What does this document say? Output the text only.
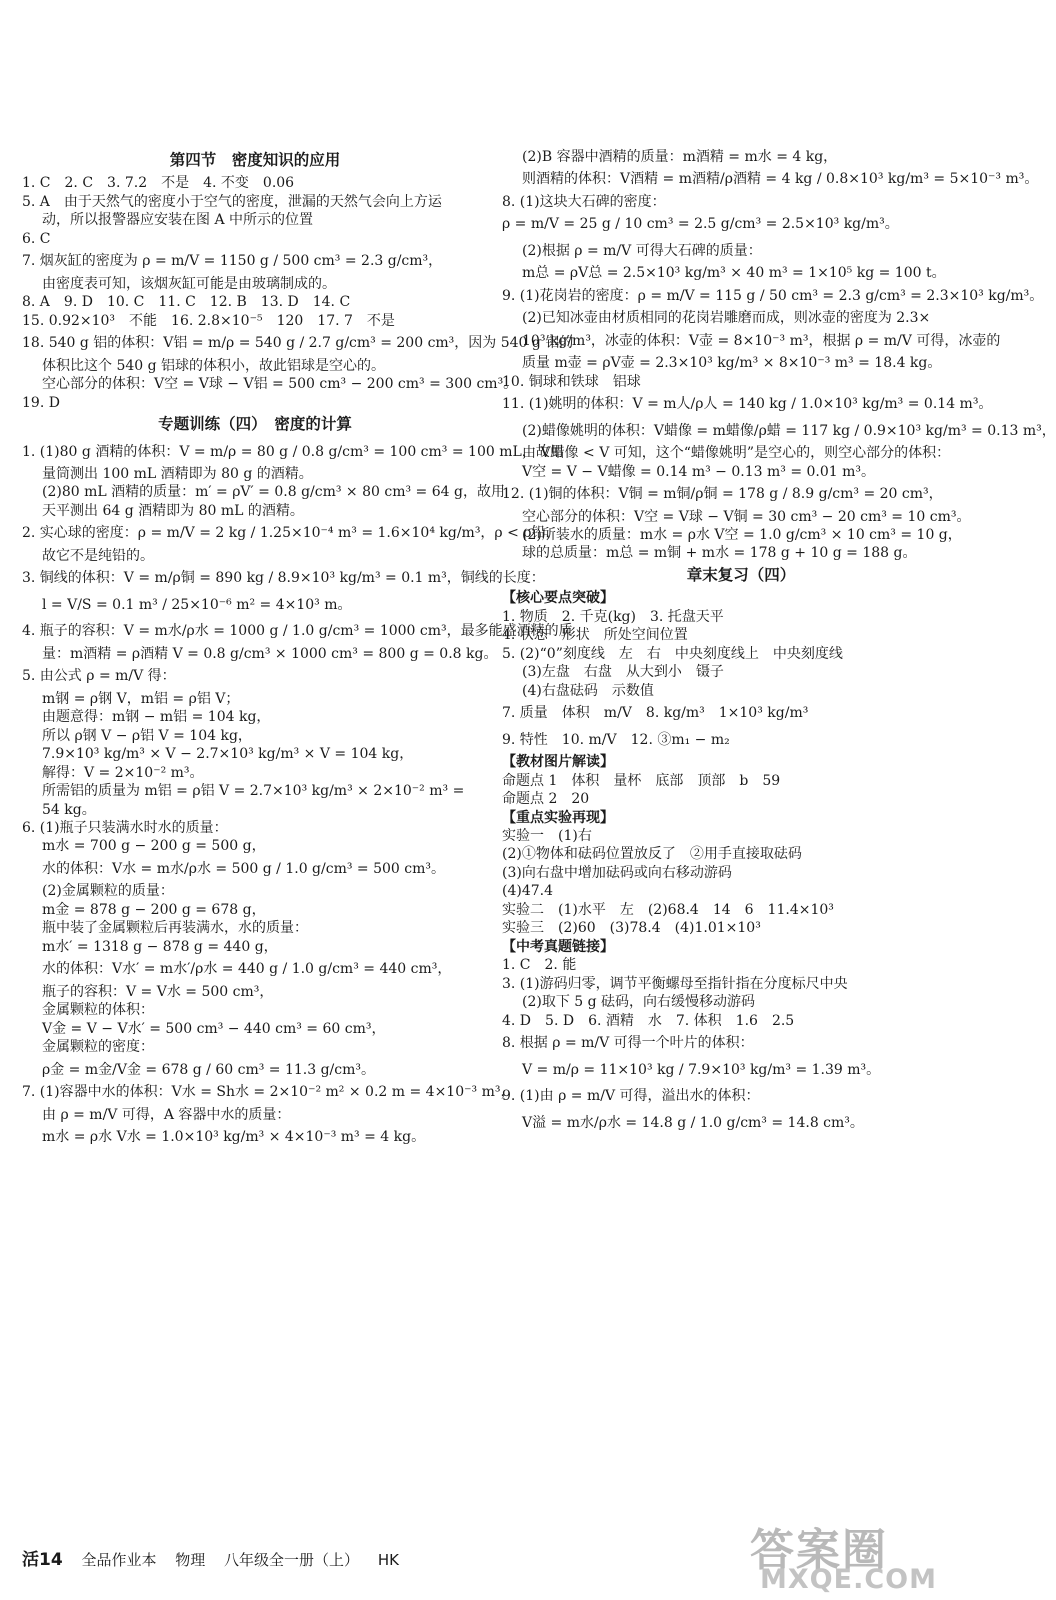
第四节　密度知识的应用
1. C　2. C　3. 7.2　不是　4. 不变　0.06
5. A　由于天然气的密度小于空气的密度，泄漏的天然气会向上方运
动，所以报警器应安装在图 A 中所示的位置
6. C
7. 烟灰缸的密度为 ρ = m/V = 1150 g / 500 cm³ = 2.3 g/cm³，
由密度表可知，该烟灰缸可能是由玻璃制成的。
8. A　9. D　10. C　11. C　12. B　13. D　14. C
15. 0.92×10³　不能　16. 2.8×10⁻⁵　120　17. 7　不是
18. 540 g 铝的体积：V铝 = m/ρ = 540 g / 2.7 g/cm³ = 200 cm³，因为 540 g 铝的
体积比这个 540 g 铝球的体积小，故此铝球是空心的。
空心部分的体积：V空 = V球 − V铝 = 500 cm³ − 200 cm³ = 300 cm³。
19. D
专题训练（四）　密度的计算
1. (1)80 g 酒精的体积：V = m/ρ = 80 g / 0.8 g/cm³ = 100 cm³ = 100 mL，故用
量筒测出 100 mL 酒精即为 80 g 的酒精。
(2)80 mL 酒精的质量：m′ = ρV′ = 0.8 g/cm³ × 80 cm³ = 64 g，故用
天平测出 64 g 酒精即为 80 mL 的酒精。
2. 实心球的密度：ρ = m/V = 2 kg / 1.25×10⁻⁴ m³ = 1.6×10⁴ kg/m³，ρ < ρ铅，
故它不是纯铅的。
3. 铜线的体积：V = m/ρ铜 = 890 kg / 8.9×10³ kg/m³ = 0.1 m³，铜线的长度：
l = V/S = 0.1 m³ / 25×10⁻⁶ m² = 4×10³ m。
4. 瓶子的容积：V = m水/ρ水 = 1000 g / 1.0 g/cm³ = 1000 cm³，最多能盛酒精的质
量：m酒精 = ρ酒精 V = 0.8 g/cm³ × 1000 cm³ = 800 g = 0.8 kg。
5. 由公式 ρ = m/V 得：
m钢 = ρ钢 V，m铝 = ρ铝 V；
由题意得：m钢 − m铝 = 104 kg，
所以 ρ钢 V − ρ铝 V = 104 kg，
7.9×10³ kg/m³ × V − 2.7×10³ kg/m³ × V = 104 kg，
解得：V = 2×10⁻² m³。
所需铝的质量为 m铝 = ρ铝 V = 2.7×10³ kg/m³ × 2×10⁻² m³ =
54 kg。
6. (1)瓶子只装满水时水的质量：
m水 = 700 g − 200 g = 500 g，
水的体积：V水 = m水/ρ水 = 500 g / 1.0 g/cm³ = 500 cm³。
(2)金属颗粒的质量：
m金 = 878 g − 200 g = 678 g，
瓶中装了金属颗粒后再装满水，水的质量：
m水′ = 1318 g − 878 g = 440 g，
水的体积：V水′ = m水′/ρ水 = 440 g / 1.0 g/cm³ = 440 cm³，
瓶子的容积：V = V水 = 500 cm³，
金属颗粒的体积：
V金 = V − V水′ = 500 cm³ − 440 cm³ = 60 cm³，
金属颗粒的密度：
ρ金 = m金/V金 = 678 g / 60 cm³ = 11.3 g/cm³。
7. (1)容器中水的体积：V水 = Sh水 = 2×10⁻² m² × 0.2 m = 4×10⁻³ m³，
由 ρ = m/V 可得，A 容器中水的质量：
m水 = ρ水 V水 = 1.0×10³ kg/m³ × 4×10⁻³ m³ = 4 kg。
(2)B 容器中酒精的质量：m酒精 = m水 = 4 kg，
则酒精的体积：V酒精 = m酒精/ρ酒精 = 4 kg / 0.8×10³ kg/m³ = 5×10⁻³ m³。
8. (1)这块大石碑的密度：
ρ = m/V = 25 g / 10 cm³ = 2.5 g/cm³ = 2.5×10³ kg/m³。
(2)根据 ρ = m/V 可得大石碑的质量：
m总 = ρV总 = 2.5×10³ kg/m³ × 40 m³ = 1×10⁵ kg = 100 t。
9. (1)花岗岩的密度：ρ = m/V = 115 g / 50 cm³ = 2.3 g/cm³ = 2.3×10³ kg/m³。
(2)已知冰壶由材质相同的花岗岩雕磨而成，则冰壶的密度为 2.3×
10³ kg/m³，冰壶的体积：V壶 = 8×10⁻³ m³，根据 ρ = m/V 可得，冰壶的
质量 m壶 = ρV壶 = 2.3×10³ kg/m³ × 8×10⁻³ m³ = 18.4 kg。
10. 铜球和铁球　铝球
11. (1)姚明的体积：V = m人/ρ人 = 140 kg / 1.0×10³ kg/m³ = 0.14 m³。
(2)蜡像姚明的体积：V蜡像 = m蜡像/ρ蜡 = 117 kg / 0.9×10³ kg/m³ = 0.13 m³，
由 V蜡像 < V 可知，这个“蜡像姚明”是空心的，则空心部分的体积：
V空 = V − V蜡像 = 0.14 m³ − 0.13 m³ = 0.01 m³。
12. (1)铜的体积：V铜 = m铜/ρ铜 = 178 g / 8.9 g/cm³ = 20 cm³，
空心部分的体积：V空 = V球 − V铜 = 30 cm³ − 20 cm³ = 10 cm³。
(2)所装水的质量：m水 = ρ水 V空 = 1.0 g/cm³ × 10 cm³ = 10 g，
球的总质量：m总 = m铜 + m水 = 178 g + 10 g = 188 g。
章末复习（四）
【核心要点突破】
1. 物质　2. 千克(kg)　3. 托盘天平
4. 状态　形状　所处空间位置
5. (2)“0”刻度线　左　右　中央刻度线上　中央刻度线
(3)左盘　右盘　从大到小　镊子
(4)右盘砝码　示数值
7. 质量　体积　m/V　8. kg/m³　1×10³ kg/m³
9. 特性　10. m/V　12. ③m₁ − m₂
【教材图片解读】
命题点 1　体积　量杯　底部　顶部　b　59
命题点 2　20
【重点实验再现】
实验一　(1)右
(2)①物体和砝码位置放反了　②用手直接取砝码
(3)向右盘中增加砝码或向右移动游码
(4)47.4
实验二　(1)水平　左　(2)68.4　14　6　11.4×10³
实验三　(2)60　(3)78.4　(4)1.01×10³
【中考真题链接】
1. C　2. 能
3. (1)游码归零，调节平衡螺母至指针指在分度标尺中央
(2)取下 5 g 砝码，向右缓慢移动游码
4. D　5. D　6. 酒精　水　7. 体积　1.6　2.5
8. 根据 ρ = m/V 可得一个叶片的体积：
V = m/ρ = 11×10³ kg / 7.9×10³ kg/m³ = 1.39 m³。
9. (1)由 ρ = m/V 可得，溢出水的体积：
V溢 = m水/ρ水 = 14.8 g / 1.0 g/cm³ = 14.8 cm³。
活14 全品作业本 物理 八年级全一册（上） HK	答案圈
MXQE.COM
